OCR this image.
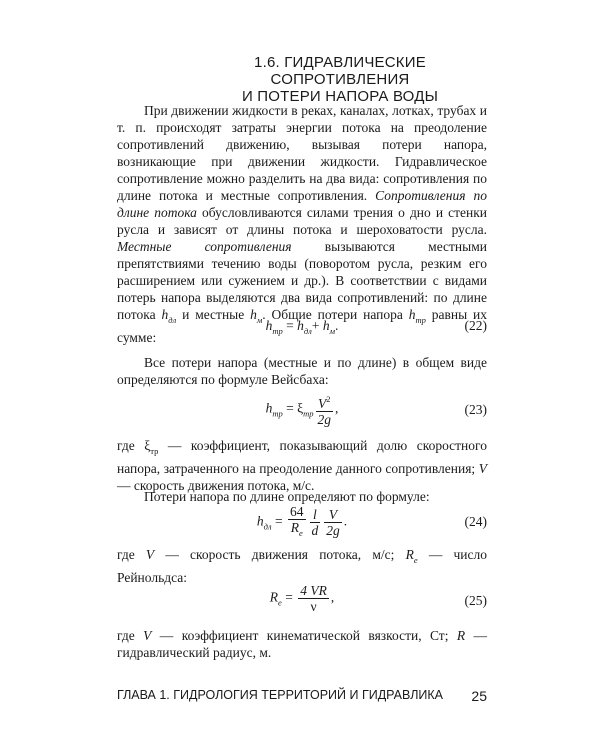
1.6. ГИДРАВЛИЧЕСКИЕ СОПРОТИВЛЕНИЯ
И ПОТЕРИ НАПОРА ВОДЫ

При движении жидкости в реках, каналах, лотках, трубах и т. п. происходят затраты энергии потока на преодоление сопротивлений движению, вызывая потери напора, возникающие при движении жидкости. Гидравлическое сопротивление можно разделить на два вида: сопротивления по длине потока и местные сопротивления. Сопротивления по длине потока обусловливаются силами трения о дно и стенки русла и зависят от длины потока и шероховатости русла. Местные сопротивления вызываются местными препятствиями течению воды (поворотом русла, резким его расширением или сужением и др.). В соответствии с видами потерь напора выделяются два вида сопротивлений: по длине потока $h_{дл}$ и местные $h_м$. Общие потери напора $h_{тр}$ равны их сумме:

$h_{тр} = h_{дл}+ h_м$.	(22)

Все потери напора (местные и по длине) в общем виде определяются по формуле Вейсбаха:

$h_{тр} = \xi_{тр} \frac{V^2}{2g}$ ,	(23)

где $\xi_{тр}$ — коэффициент, показывающий долю скоростного напора, затраченного на преодоление данного сопротивления; V — скорость движения потока, м/с.

Потери напора по длине определяют по формуле:

$h_{дл} = \frac{64}{R_e} \frac{l}{d} \frac{V}{2g}$ .	(24)

где V — скорость движения потока, м/с; $R_e$ — число Рейнольдса:

$R_e = \frac{4 VR}{\nu}$ ,	(25)

где V — коэффициент кинематической вязкости, Ст; R — гидравлический радиус, м.

ГЛАВА 1. ГИДРОЛОГИЯ ТЕРРИТОРИЙ И ГИДРАВЛИКА 25
